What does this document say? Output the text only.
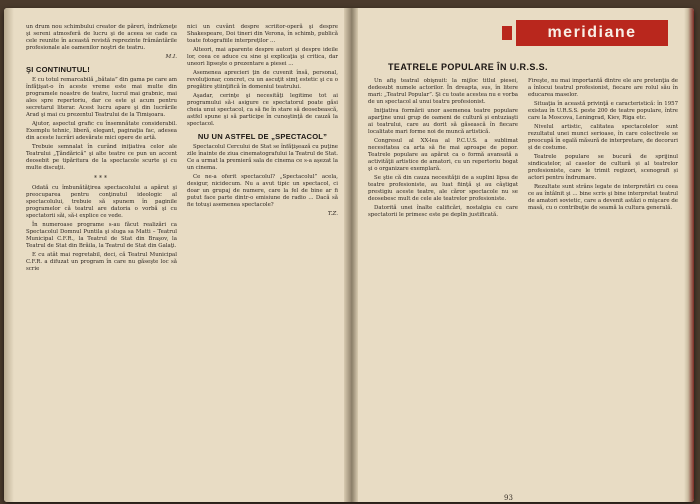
un drum nou schimbului creator de păreri, îndrăzneţe şi sereni atmosferă de lucru şi de aceea se cade ca cele reunite în această revistă reprezinte frământările profesionale ale oamenilor noştri de teatru.

M.I.
ŞI CONTINUTUL!

E cu totul remarcabilă „bătaia” din gama pe care am înfăţişat-o în aceste vreme este mai multe din programele noastre de teatre, lucrul mai grabnic, mai ales spre repertoriu, dar ce este şi acum pentru secretarul literar. Acest lucru apare şi din lucrările Arad şi mai cu prezentul Teatrului de la Timişoara.

Ajutor, aspectul grafic cu însemnătate considerabil. Exemplu tehnic, liberă, elegant, paginaţia fac, adesea din aceste lucrări adevărate mici opere de artă.

Trebuie semnalat în curând iniţiativa celor ale Teatrului „Ţăndărică” şi alte teatre ce pun un accent deosebit pe tipăritura de la spectacole scurte şi cu multe discuţii.

***

Odată cu îmbunătăţirea spectacolului a apărut şi preocuparea pentru conţinutul ideologic al spectacolului, trebuie să spunem în paginile programelor că teatrul are datoria o vorbă şi cu spectatorii săi, să-i explice ce vede.

În numeroase programe s-au făcut realizări ca Spectacolul Domnul Puntila şi sluga sa Matti – Teatrul Municipal C.F.R., la Teatrul de Stat din Braşov, la Teatrul de Stat din Brăila, la Teatrul de Stat din Galaţi.

E cu atât mai regretabil, deci, că Teatrul Municipal C.F.R. a difuzat un program în care nu găseşte loc să scrie

nici un cuvânt despre scriitor-operă şi despre Shakespeare, Doi tineri din Verona, în schimb, publică toate fotografiile interpreţilor ...

Alteori, mai aparente despre autori şi despre ideile lor, ceea ce aduce cu sine şi explicaţia şi critica, dar uneori lipseşte o prezentare a piesei ...

Asemenea aprecieri ţin de cuvenit însă, personal, revoluţionar, concret, cu un ascuţit simţ estetic şi cu o pregătire ştiinţifică în domeniul teatrului.

Aşadar, cerinţe şi necesităţi legitime tot ai programului să-i asigure ce spectatorul poate găsi cheia unui spectacol, ca să fie în stare să deosebească, astfel spune şi să participe în cunoştinţă de cauză la spectacol.

NU UN ASTFEL DE „SPECTACOL”

Spectacolul Cercului de Stat se înfăţişează cu puţine zile înainte de ziua cinematografului la Teatrul de Stat. Ce a urmat la premieră sala de cinema ce s-a aşezat la un cinema.

Ce ne-a oferit spectacolul? „Spectacolul” acela, desigur, nicidecum. Nu a avut tipic un spectacol, ci doar un grupaj de numere, care la fel de bine ar fi putut face parte dintr-o emisiune de radio ... Dacă să fie totuşi asemenea spectacole?

T.Z.
meridiane
TEATRELE POPULARE ÎN U.R.S.S.

Un afiş teatral obişnuit: la mijloc titlul piesei, dedesubt numele actorilor. În dreapta, sus, în litere mari: „Teatrul Popular”. Şi cu toate acestea nu e vorba de un spectacol al unui teatru profesionist.

Iniţiativa formării unor asemenea teatre populare aparţine unui grup de oameni de cultură și entuziaşti ai teatrului, care au dorit să găsească în fiecare localitate mari forme noi de muncă artistică.

Congresul al XX-lea al P.C.U.S. a sublimat necesitatea ca arta să fie mai aproape de popor. Teatrele populare au apărut ca o formă avansată a activităţii artistice de amatori, cu un repertoriu bogat şi o organizare exemplară.

Se ştie că din cauza necesităţii de a suplini lipsa de teatre profesioniste, au luat fiinţă şi au câştigat prestigiu aceste teatre, ale căror spectacole nu se deosebesc mult de cele ale teatrelor profesioniste.

Datorită unei înalte calificări, nostalgia cu care spectatorii le primesc este pe deplin justificată.

Fireşte, nu mai importantă dintre ele are pretenţia de a înlocui teatrul profesionist, fiecare are rolul său în educarea maselor.

Situaţia în această privinţă e caracteristică: în 1957 existau în U.R.S.S. peste 200 de teatre populare, între care la Moscova, Leningrad, Kiev, Riga etc.

Nivelul artistic, calitatea spectacolelor sunt rezultatul unei munci serioase, în care colectivele se preocupă în egală măsură de interpretare, de decoruri și de costume.

Teatrele populare se bucură de sprijinul sindicatelor, al caselor de cultură și al teatrelor profesioniste, care le trimit regizori, scenografi și actori pentru îndrumare.

Rezultate sunt strâns legate de interpretări cu ceea ce au întâlnit şi ... bine scris şi bine interpretat teatrul de amatori sovietic, care a devenit astăzi o mişcare de masă, cu o contribuţie de seamă la cultura generală.

93
